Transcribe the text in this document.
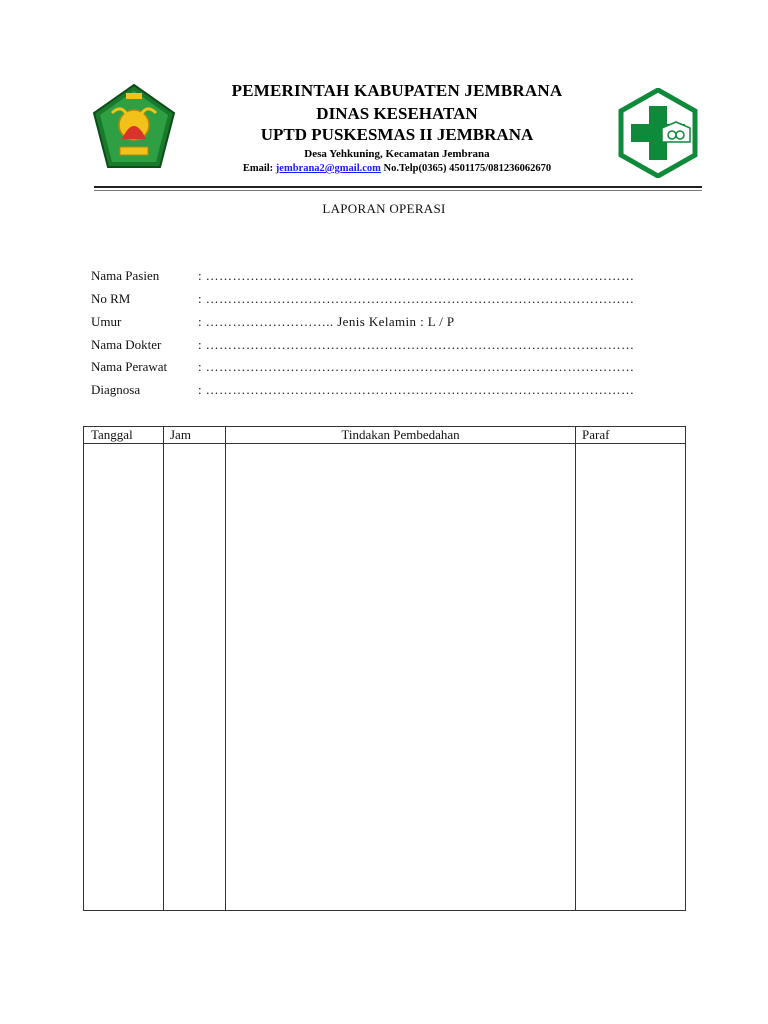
PEMERINTAH KABUPATEN JEMBRANA
DINAS KESEHATAN
UPTD PUSKESMAS II JEMBRANA
Desa Yehkuning, Kecamatan Jembrana
Email: jembrana2@gmail.com No.Telp(0365) 4501175/081236062670
LAPORAN OPERASI
Nama Pasien	: ……………………………………………………………………………………
No RM	: ……………………………………………………………………………………
Umur	: ……………………….. Jenis Kelamin : L / P
Nama Dokter	: ……………………………………………………………………………………
Nama Perawat : ……………………………………………………………………………………
Diagnosa	: ……………………………………………………………………………………
Tanggal	Jam	Tindakan Pembedahan	Paraf
